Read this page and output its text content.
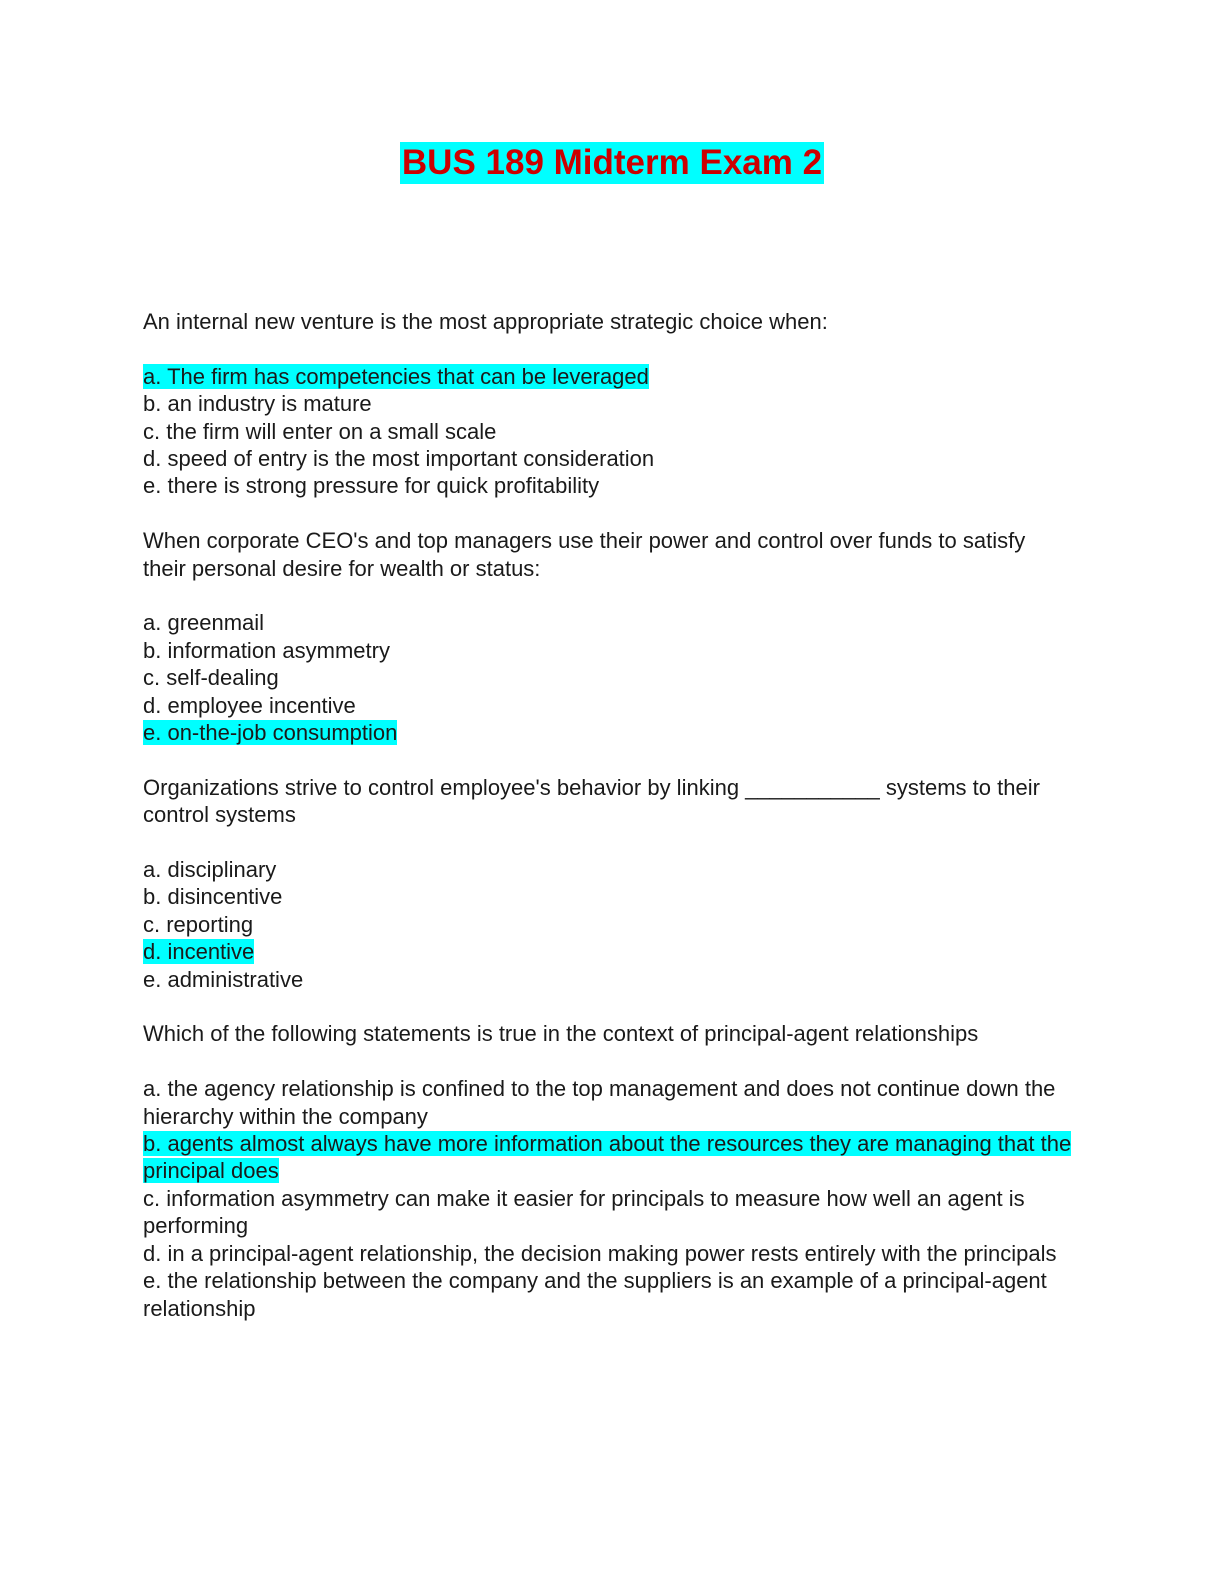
BUS 189 Midterm Exam 2

An internal new venture is the most appropriate strategic choice when:

a. The firm has competencies that can be leveraged

b. an industry is mature

c. the firm will enter on a small scale

d. speed of entry is the most important consideration

e. there is strong pressure for quick profitability

When corporate CEO's and top managers use their power and control over funds to satisfy their personal desire for wealth or status:

a. greenmail

b. information asymmetry

c. self-dealing

d. employee incentive

e. on-the-job consumption

Organizations strive to control employee's behavior by linking ___________ systems to their control systems

a. disciplinary

b. disincentive

c. reporting

d. incentive

e. administrative

Which of the following statements is true in the context of principal-agent relationships

a. the agency relationship is confined to the top management and does not continue down the hierarchy within the company

b. agents almost always have more information about the resources they are managing that the principal does

c. information asymmetry can make it easier for principals to measure how well an agent is performing

d. in a principal-agent relationship, the decision making power rests entirely with the principals

e. the relationship between the company and the suppliers is an example of a principal-agent relationship
